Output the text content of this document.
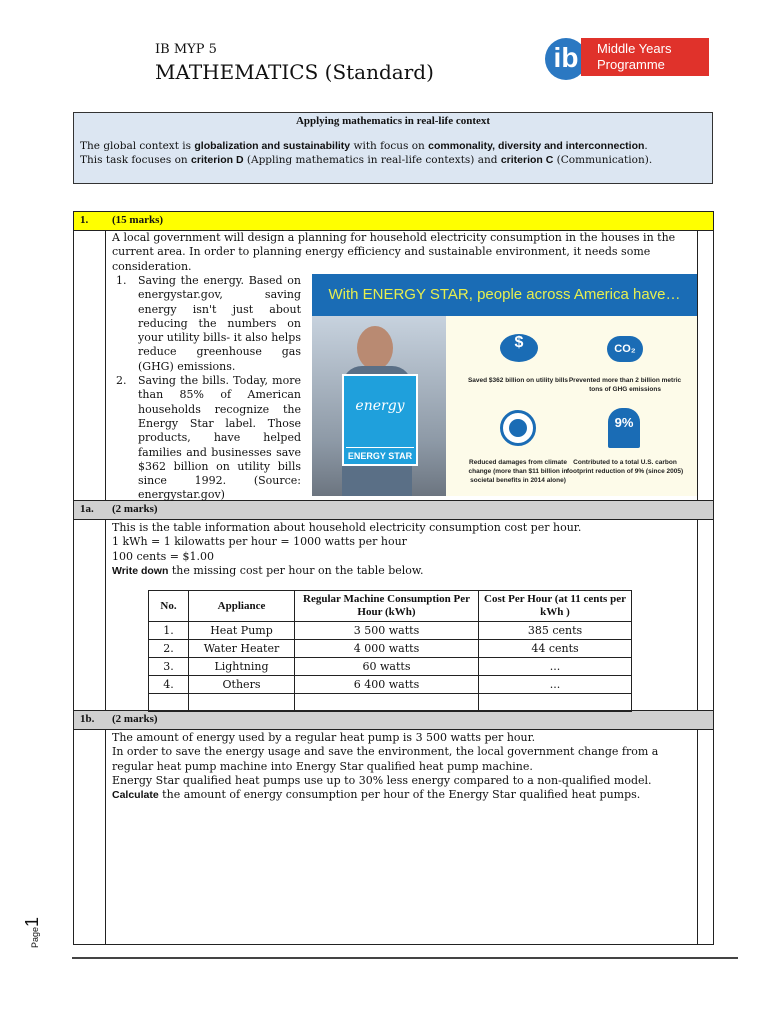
IB MYP 5
MATHEMATICS (Standard)	ib	Middle Years Programme
Applying mathematics in real-life context
The global context is globalization and sustainability with focus on commonality, diversity and interconnection.
This task focuses on criterion D (Appling mathematics in real-life contexts) and criterion C (Communication).
1. (15 marks)
A local government will design a planning for household electricity consumption in the houses in the current area. In order to planning energy efficiency and sustainable environment, it needs some consideration.
1.	Saving the energy. Based on energystar.gov, saving energy isn't just about reducing the numbers on your utility bills- it also helps reduce greenhouse gas (GHG) emissions.
2.	Saving the bills. Today, more than 85% of American households recognize the Energy Star label. Those products, have helped families and businesses save $362 billion on utility bills since 1992. (Source: energystar.gov)
1a. (2 marks)
This is the table information about household electricity consumption cost per hour.
1 kWh = 1 kilowatts per hour = 1000 watts per hour
100 cents = $1.00
Write down the missing cost per hour on the table below.
1b. (2 marks)
The amount of energy used by a regular heat pump is 3 500 watts per hour.
In order to save the energy usage and save the environment, the local government change from a regular heat pump machine into Energy Star qualified heat pump machine.
Energy Star qualified heat pumps use up to 30% less energy compared to a non-qualified model.
Calculate the amount of energy consumption per hour of the Energy Star qualified heat pumps.
With ENERGY STAR, people across America have…
energy
ENERGY STAR
$	CO₂
Saved $362 billion on utility bills Prevented more than 2 billion metric tons of GHG emissions
9%
Reduced damages from climate change (more than $11 billion in societal benefits in 2014 alone)
Contributed to a total U.S. carbon footprint reduction of 9% (since 2005)
No.	Appliance	Regular Machine Consumption Per Hour (kWh)	Cost Per Hour (at 11 cents per kWh )
1.	Heat Pump	3 500 watts	385 cents
2.	Water Heater	4 000 watts	44 cents
3.	Lightning	60 watts	...
4.	Others	6 400 watts	...

Page1
